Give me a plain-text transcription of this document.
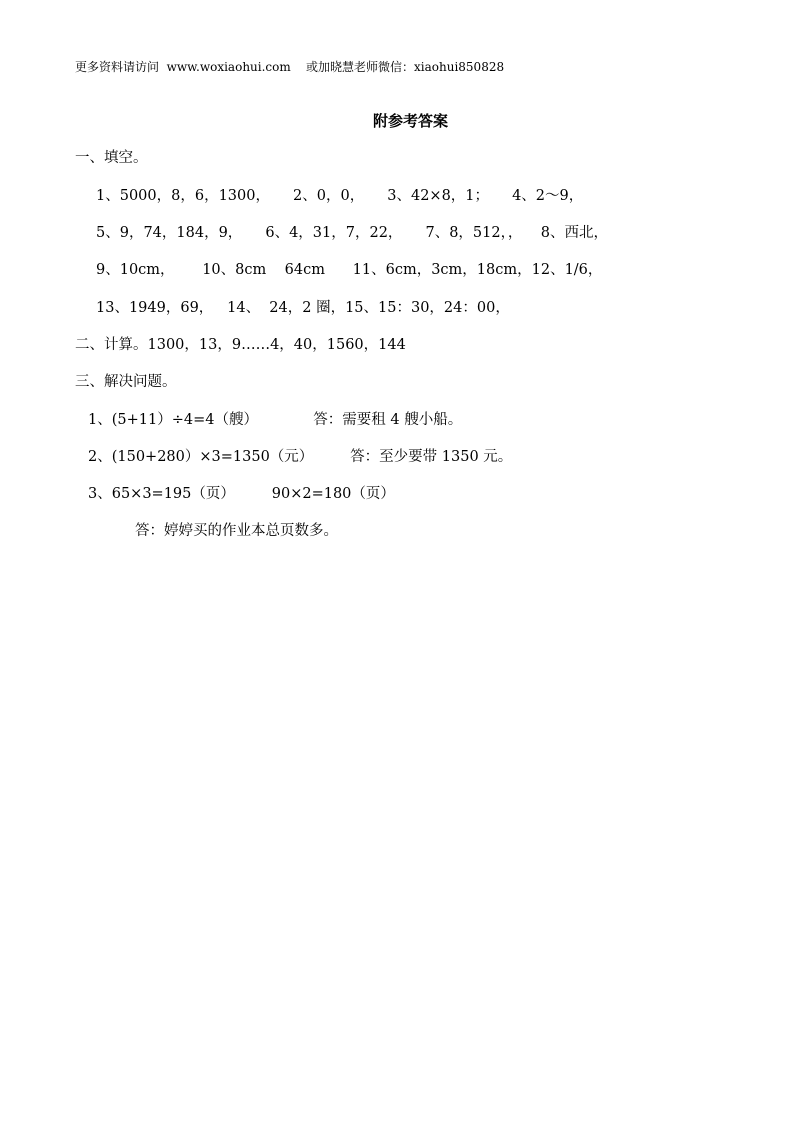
更多资料请访问  www.woxiaohui.com    或加晓慧老师微信：xiaohui850828
附参考答案
一、填空。
1、5000，8，6，1300，     2、0，0，     3、42×8，1；     4、2～9，
5、9，74，184，9，     6、4，31，7，22，     7、8，512，，    8、西北，
9、10cm，      10、8cm    64cm      11、6cm，3cm，18cm，12、1/6，
13、1949，69，   14、  24，2 圈，15、15：30，24：00，
二、计算。1300，13，9……4，40，1560，144
三、解决问题。
1、(5+11）÷4=4（艘）            答：需要租 4 艘小船。
2、(150+280）×3=1350（元）        答：至少要带 1350 元。
3、65×3=195（页）        90×2=180（页）
答：婷婷买的作业本总页数多。
